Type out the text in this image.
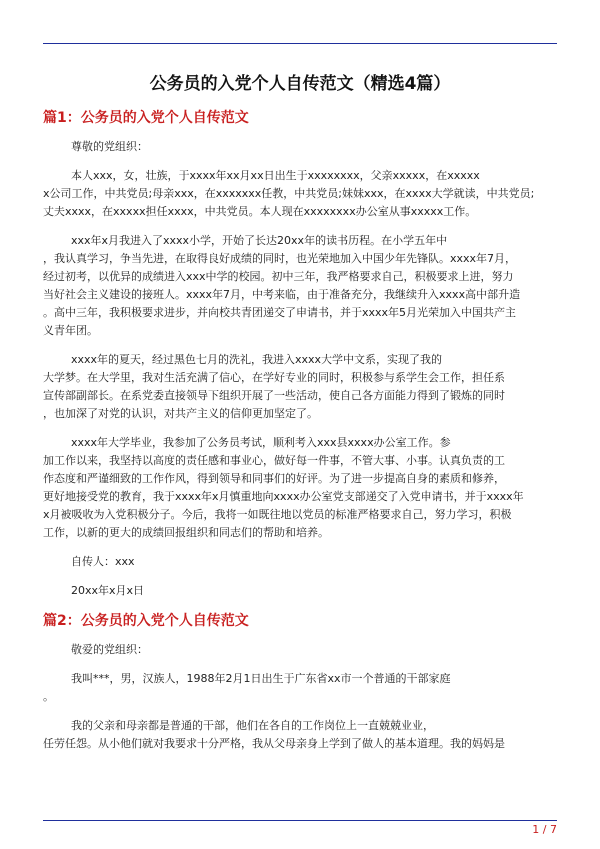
公务员的入党个人自传范文（精选4篇）
篇1：公务员的入党个人自传范文
尊敬的党组织：
本人xxx，女，壮族，于xxxx年xx月xx日出生于xxxxxxxx，父亲xxxxx，在xxxxx
x公司工作，中共党员;母亲xxx，在xxxxxxx任教，中共党员;妹妹xxx，在xxxx大学就读，中共党员;
丈夫xxxx，在xxxxx担任xxxx，中共党员。本人现在xxxxxxxx办公室从事xxxxx工作。
xxx年x月我进入了xxxx小学，开始了长达20xx年的读书历程。在小学五年中
，我认真学习，争当先进，在取得良好成绩的同时，也光荣地加入中国少年先锋队。xxxx年7月，
经过初考，以优异的成绩进入xxx中学的校园。初中三年，我严格要求自己，积极要求上进，努力
当好社会主义建设的接班人。xxxx年7月，中考来临，由于准备充分，我继续升入xxxx高中部升造
。高中三年，我积极要求进步，并向校共青团递交了申请书，并于xxxx年5月光荣加入中国共产主
义青年团。
xxxx年的夏天，经过黑色七月的洗礼，我进入xxxx大学中文系，实现了我的
大学梦。在大学里，我对生活充满了信心，在学好专业的同时，积极参与系学生会工作，担任系
宣传部副部长。在系党委直接领导下组织开展了一些活动，使自己各方面能力得到了锻炼的同时
，也加深了对党的认识，对共产主义的信仰更加坚定了。
xxxx年大学毕业，我参加了公务员考试，顺利考入xxx县xxxx办公室工作。参
加工作以来，我坚持以高度的责任感和事业心，做好每一件事，不管大事、小事。认真负责的工
作态度和严谨细致的工作作风，得到领导和同事们的好评。为了进一步提高自身的素质和修养，
更好地接受党的教育，我于xxxx年x月慎重地向xxxx办公室党支部递交了入党申请书，并于xxxx年
x月被吸收为入党积极分子。今后，我将一如既往地以党员的标准严格要求自己，努力学习，积极
工作，以新的更大的成绩回报组织和同志们的帮助和培养。
自传人：xxx
20xx年x月x日
篇2：公务员的入党个人自传范文
敬爱的党组织：
我叫***，男，汉族人，1988年2月1日出生于广东省xx市一个普通的干部家庭
。
我的父亲和母亲都是普通的干部，他们在各自的工作岗位上一直兢兢业业，
任劳任怨。从小他们就对我要求十分严格，我从父母亲身上学到了做人的基本道理。我的妈妈是
1 / 7
